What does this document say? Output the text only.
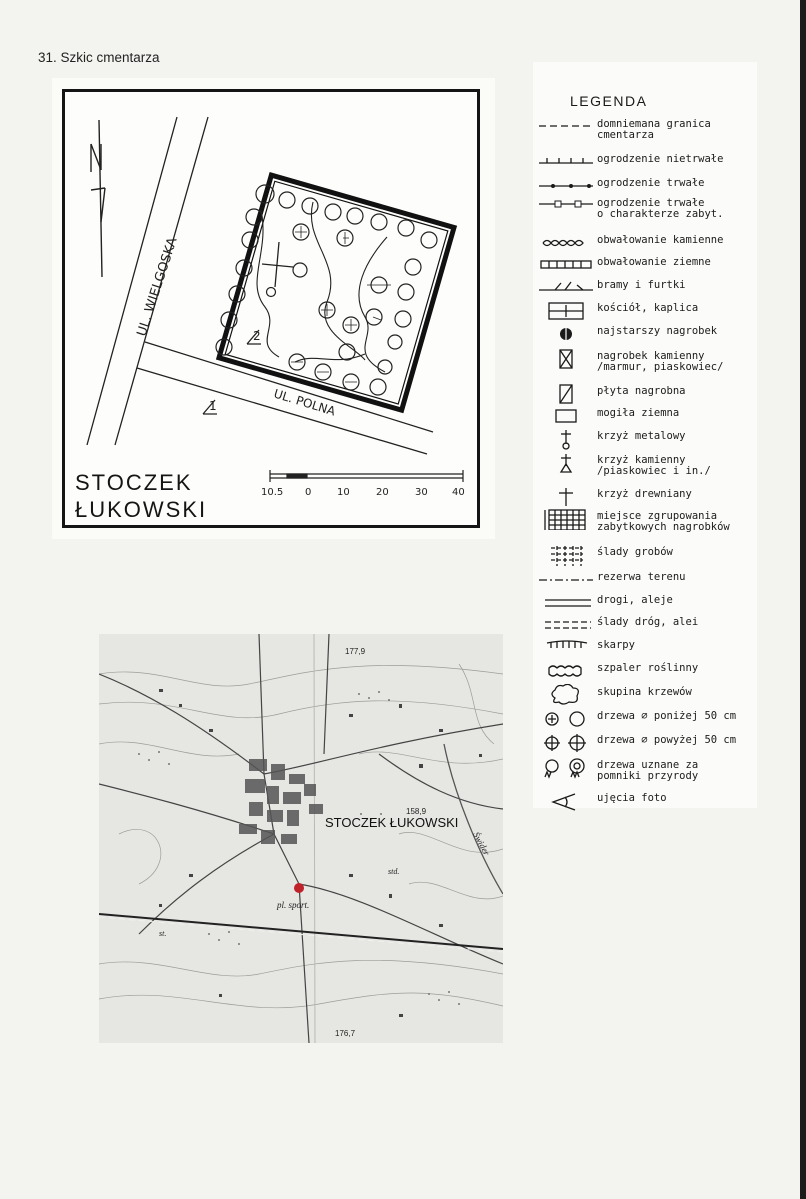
31. Szkic cmentarza
UL. WIELGOSKA
UL. POLNA
1
2
10.5 0	10	20	30 40
STOCZEK
ŁUKOWSKI
LEGENDA
domniemana granica
cmentarza
ogrodzenie nietrwałe
ogrodzenie trwałe
ogrodzenie trwałe
o charakterze zabyt.
obwałowanie kamienne
obwałowanie ziemne
bramy i furtki
kościół, kaplica
najstarszy nagrobek
nagrobek kamienny
/marmur, piaskowiec/
płyta nagrobna
mogiła ziemna
krzyż metalowy
krzyż kamienny
/piaskowiec i in./
krzyż drewniany
miejsce zgrupowania
zabytkowych nagrobków
ślady grobów
rezerwa terenu
drogi, aleje
ślady dróg, alei
skarpy
szpaler roślinny
skupina krzewów
drzewa ⌀ poniżej 50 cm
drzewa ⌀ powyżej 50 cm
drzewa uznane za
pomniki przyrody
ujęcia foto
STOCZEK ŁUKOWSKI
177,9
158,9
176,7
Świder
std.
pl. sport.
st.
